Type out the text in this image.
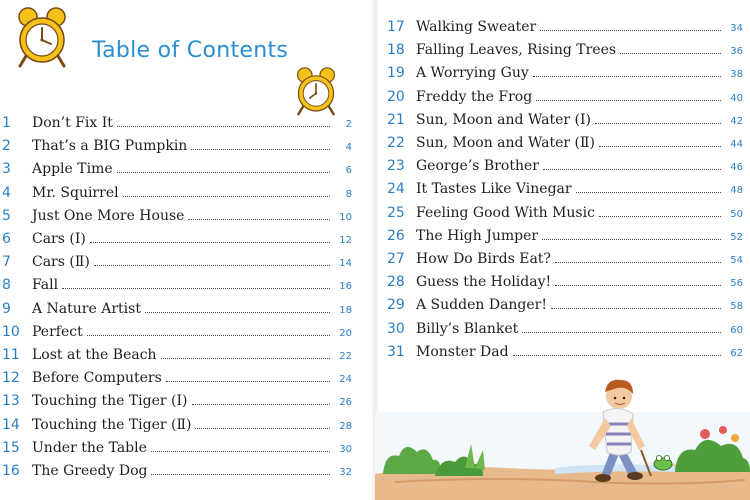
Table of Contents
1	Don’t Fix It	2
2	That’s a BIG Pumpkin	4
3	Apple Time	6
4	Mr. Squirrel	8
5	Just One More House	10
6	Cars (Ⅰ)	12
7	Cars (Ⅱ)	14
8	Fall	16
9	A Nature Artist	18
10 Perfect	20
11 Lost at the Beach	22
12 Before Computers	24
13 Touching the Tiger (Ⅰ)	26
14 Touching the Tiger (Ⅱ)	28
15 Under the Table	30
16 The Greedy Dog	32
17 Walking Sweater	34
18 Falling Leaves, Rising Trees	36
19 A Worrying Guy	38
20 Freddy the Frog	40
21 Sun, Moon and Water (Ⅰ)	42
22 Sun, Moon and Water (Ⅱ)	44
23 George’s Brother	46
24 It Tastes Like Vinegar	48
25 Feeling Good With Music	50
26 The High Jumper	52
27 How Do Birds Eat?	54
28 Guess the Holiday!	56
29 A Sudden Danger!	58
30 Billy’s Blanket	60
31 Monster Dad	62
